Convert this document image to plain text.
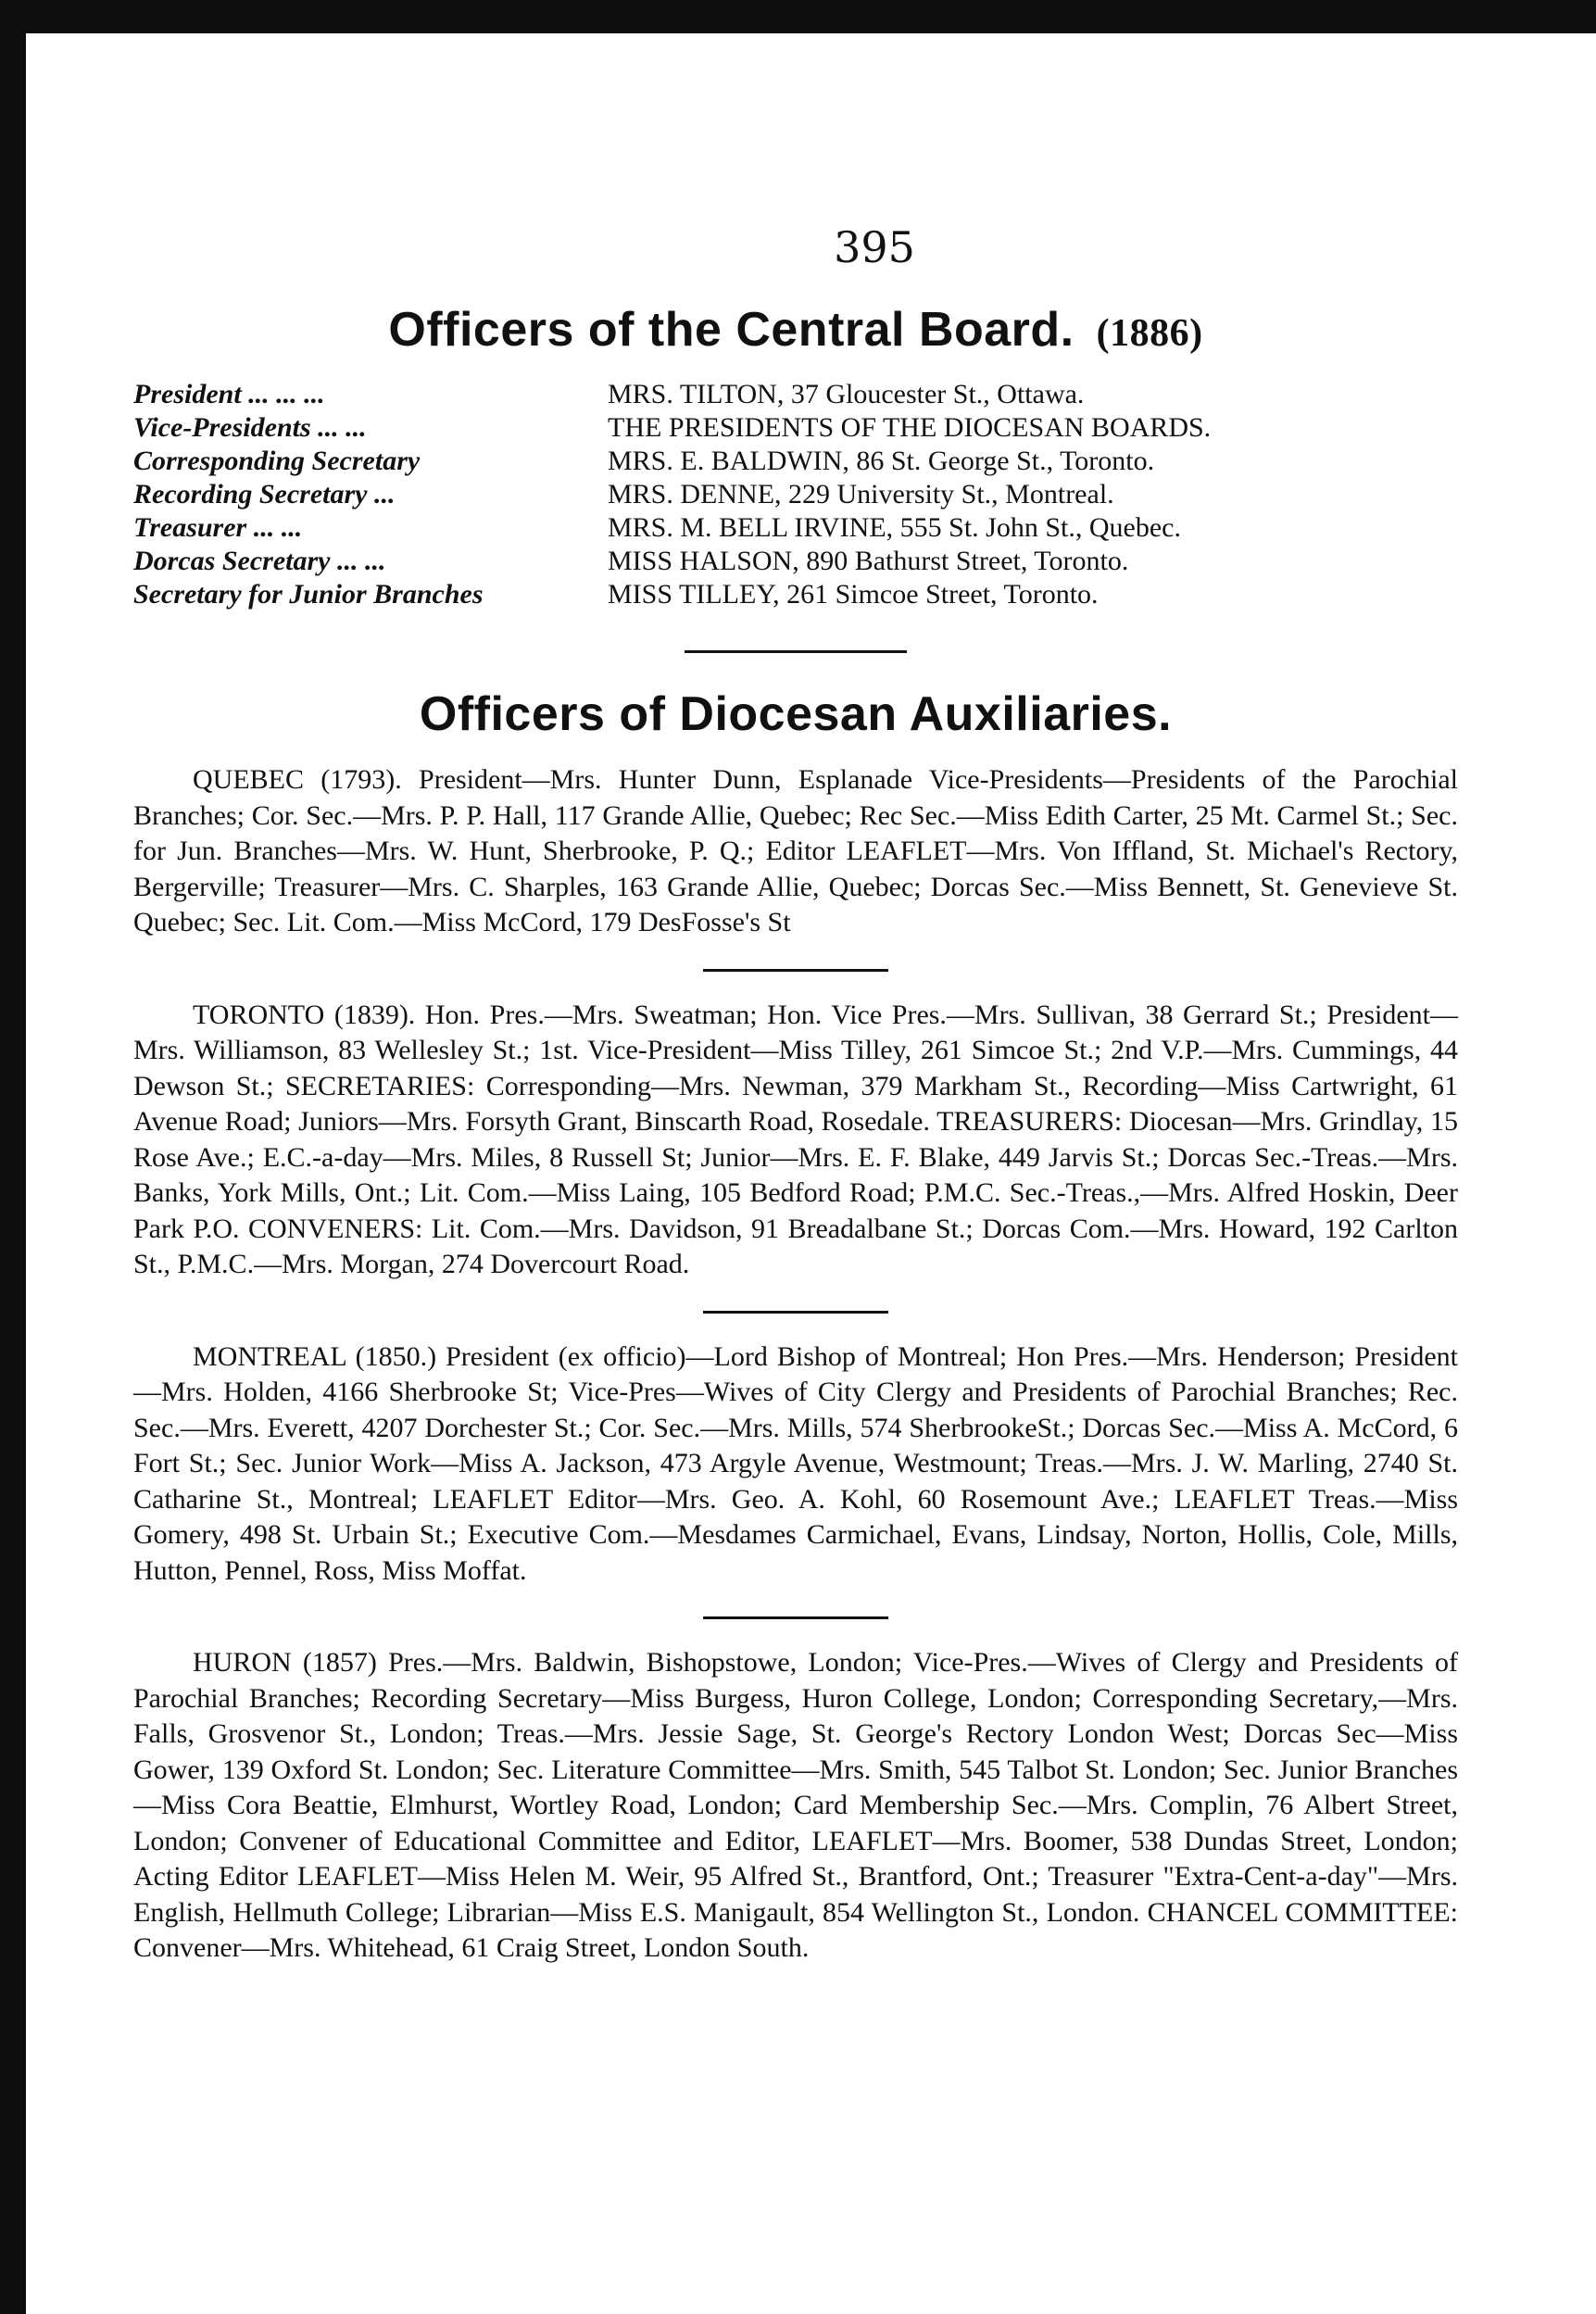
395
Officers of the Central Board. (1886)
President ... ... ...	MRS. TILTON, 37 Gloucester St., Ottawa.
Vice-Presidents ... ...	THE PRESIDENTS OF THE DIOCESAN BOARDS.
Corresponding Secretary	MRS. E. BALDWIN, 86 St. George St., Toronto.
Recording Secretary ...	MRS. DENNE, 229 University St., Montreal.
Treasurer ... ...	MRS. M. BELL IRVINE, 555 St. John St., Quebec.
Dorcas Secretary ... ...	MISS HALSON, 890 Bathurst Street, Toronto.
Secretary for Junior Branches	MISS TILLEY, 261 Simcoe Street, Toronto.
Officers of Diocesan Auxiliaries.

QUEBEC (1793). President—Mrs. Hunter Dunn, Esplanade Vice-Presidents—Presidents of the Parochial Branches; Cor. Sec.—Mrs. P. P. Hall, 117 Grande Allie, Quebec; Rec Sec.—Miss Edith Carter, 25 Mt. Carmel St.; Sec. for Jun. Branches—Mrs. W. Hunt, Sherbrooke, P. Q.; Editor LEAFLET—Mrs. Von Iffland, St. Michael's Rectory, Bergerville; Treasurer—Mrs. C. Sharples, 163 Grande Allie, Quebec; Dorcas Sec.—Miss Bennett, St. Genevieve St. Quebec; Sec. Lit. Com.—Miss McCord, 179 DesFosse's St

TORONTO (1839). Hon. Pres.—Mrs. Sweatman; Hon. Vice Pres.—Mrs. Sullivan, 38 Gerrard St.; President—Mrs. Williamson, 83 Wellesley St.; 1st. Vice-President—Miss Tilley, 261 Simcoe St.; 2nd V.P.—Mrs. Cummings, 44 Dewson St.; SECRETARIES: Corresponding—Mrs. Newman, 379 Markham St., Recording—Miss Cartwright, 61 Avenue Road; Juniors—Mrs. Forsyth Grant, Binscarth Road, Rosedale. TREASURERS: Diocesan—Mrs. Grindlay, 15 Rose Ave.; E.C.-a-day—Mrs. Miles, 8 Russell St; Junior—Mrs. E. F. Blake, 449 Jarvis St.; Dorcas Sec.-Treas.—Mrs. Banks, York Mills, Ont.; Lit. Com.—Miss Laing, 105 Bedford Road; P.M.C. Sec.-Treas.,—Mrs. Alfred Hoskin, Deer Park P.O. CONVENERS: Lit. Com.—Mrs. Davidson, 91 Breadalbane St.; Dorcas Com.—Mrs. Howard, 192 Carlton St., P.M.C.—Mrs. Morgan, 274 Dovercourt Road.

MONTREAL (1850.) President (ex officio)—Lord Bishop of Montreal; Hon Pres.—Mrs. Henderson; President—Mrs. Holden, 4166 Sherbrooke St; Vice-Pres—Wives of City Clergy and Presidents of Parochial Branches; Rec. Sec.—Mrs. Everett, 4207 Dorchester St.; Cor. Sec.—Mrs. Mills, 574 SherbrookeSt.; Dorcas Sec.—Miss A. McCord, 6 Fort St.; Sec. Junior Work—Miss A. Jackson, 473 Argyle Avenue, Westmount; Treas.—Mrs. J. W. Marling, 2740 St. Catharine St., Montreal; LEAFLET Editor—Mrs. Geo. A. Kohl, 60 Rosemount Ave.; LEAFLET Treas.—Miss Gomery, 498 St. Urbain St.; Executive Com.—Mesdames Carmichael, Evans, Lindsay, Norton, Hollis, Cole, Mills, Hutton, Pennel, Ross, Miss Moffat.

HURON (1857) Pres.—Mrs. Baldwin, Bishopstowe, London; Vice-Pres.—Wives of Clergy and Presidents of Parochial Branches; Recording Secretary—Miss Burgess, Huron College, London; Corresponding Secretary,—Mrs. Falls, Grosvenor St., London; Treas.—Mrs. Jessie Sage, St. George's Rectory London West; Dorcas Sec—Miss Gower, 139 Oxford St. London; Sec. Literature Committee—Mrs. Smith, 545 Talbot St. London; Sec. Junior Branches—Miss Cora Beattie, Elmhurst, Wortley Road, London; Card Membership Sec.—Mrs. Complin, 76 Albert Street, London; Convener of Educational Committee and Editor, LEAFLET—Mrs. Boomer, 538 Dundas Street, London; Acting Editor LEAFLET—Miss Helen M. Weir, 95 Alfred St., Brantford, Ont.; Treasurer "Extra-Cent-a-day"—Mrs. English, Hellmuth College; Librarian—Miss E.S. Manigault, 854 Wellington St., London. CHANCEL COMMITTEE: Convener—Mrs. Whitehead, 61 Craig Street, London South.
